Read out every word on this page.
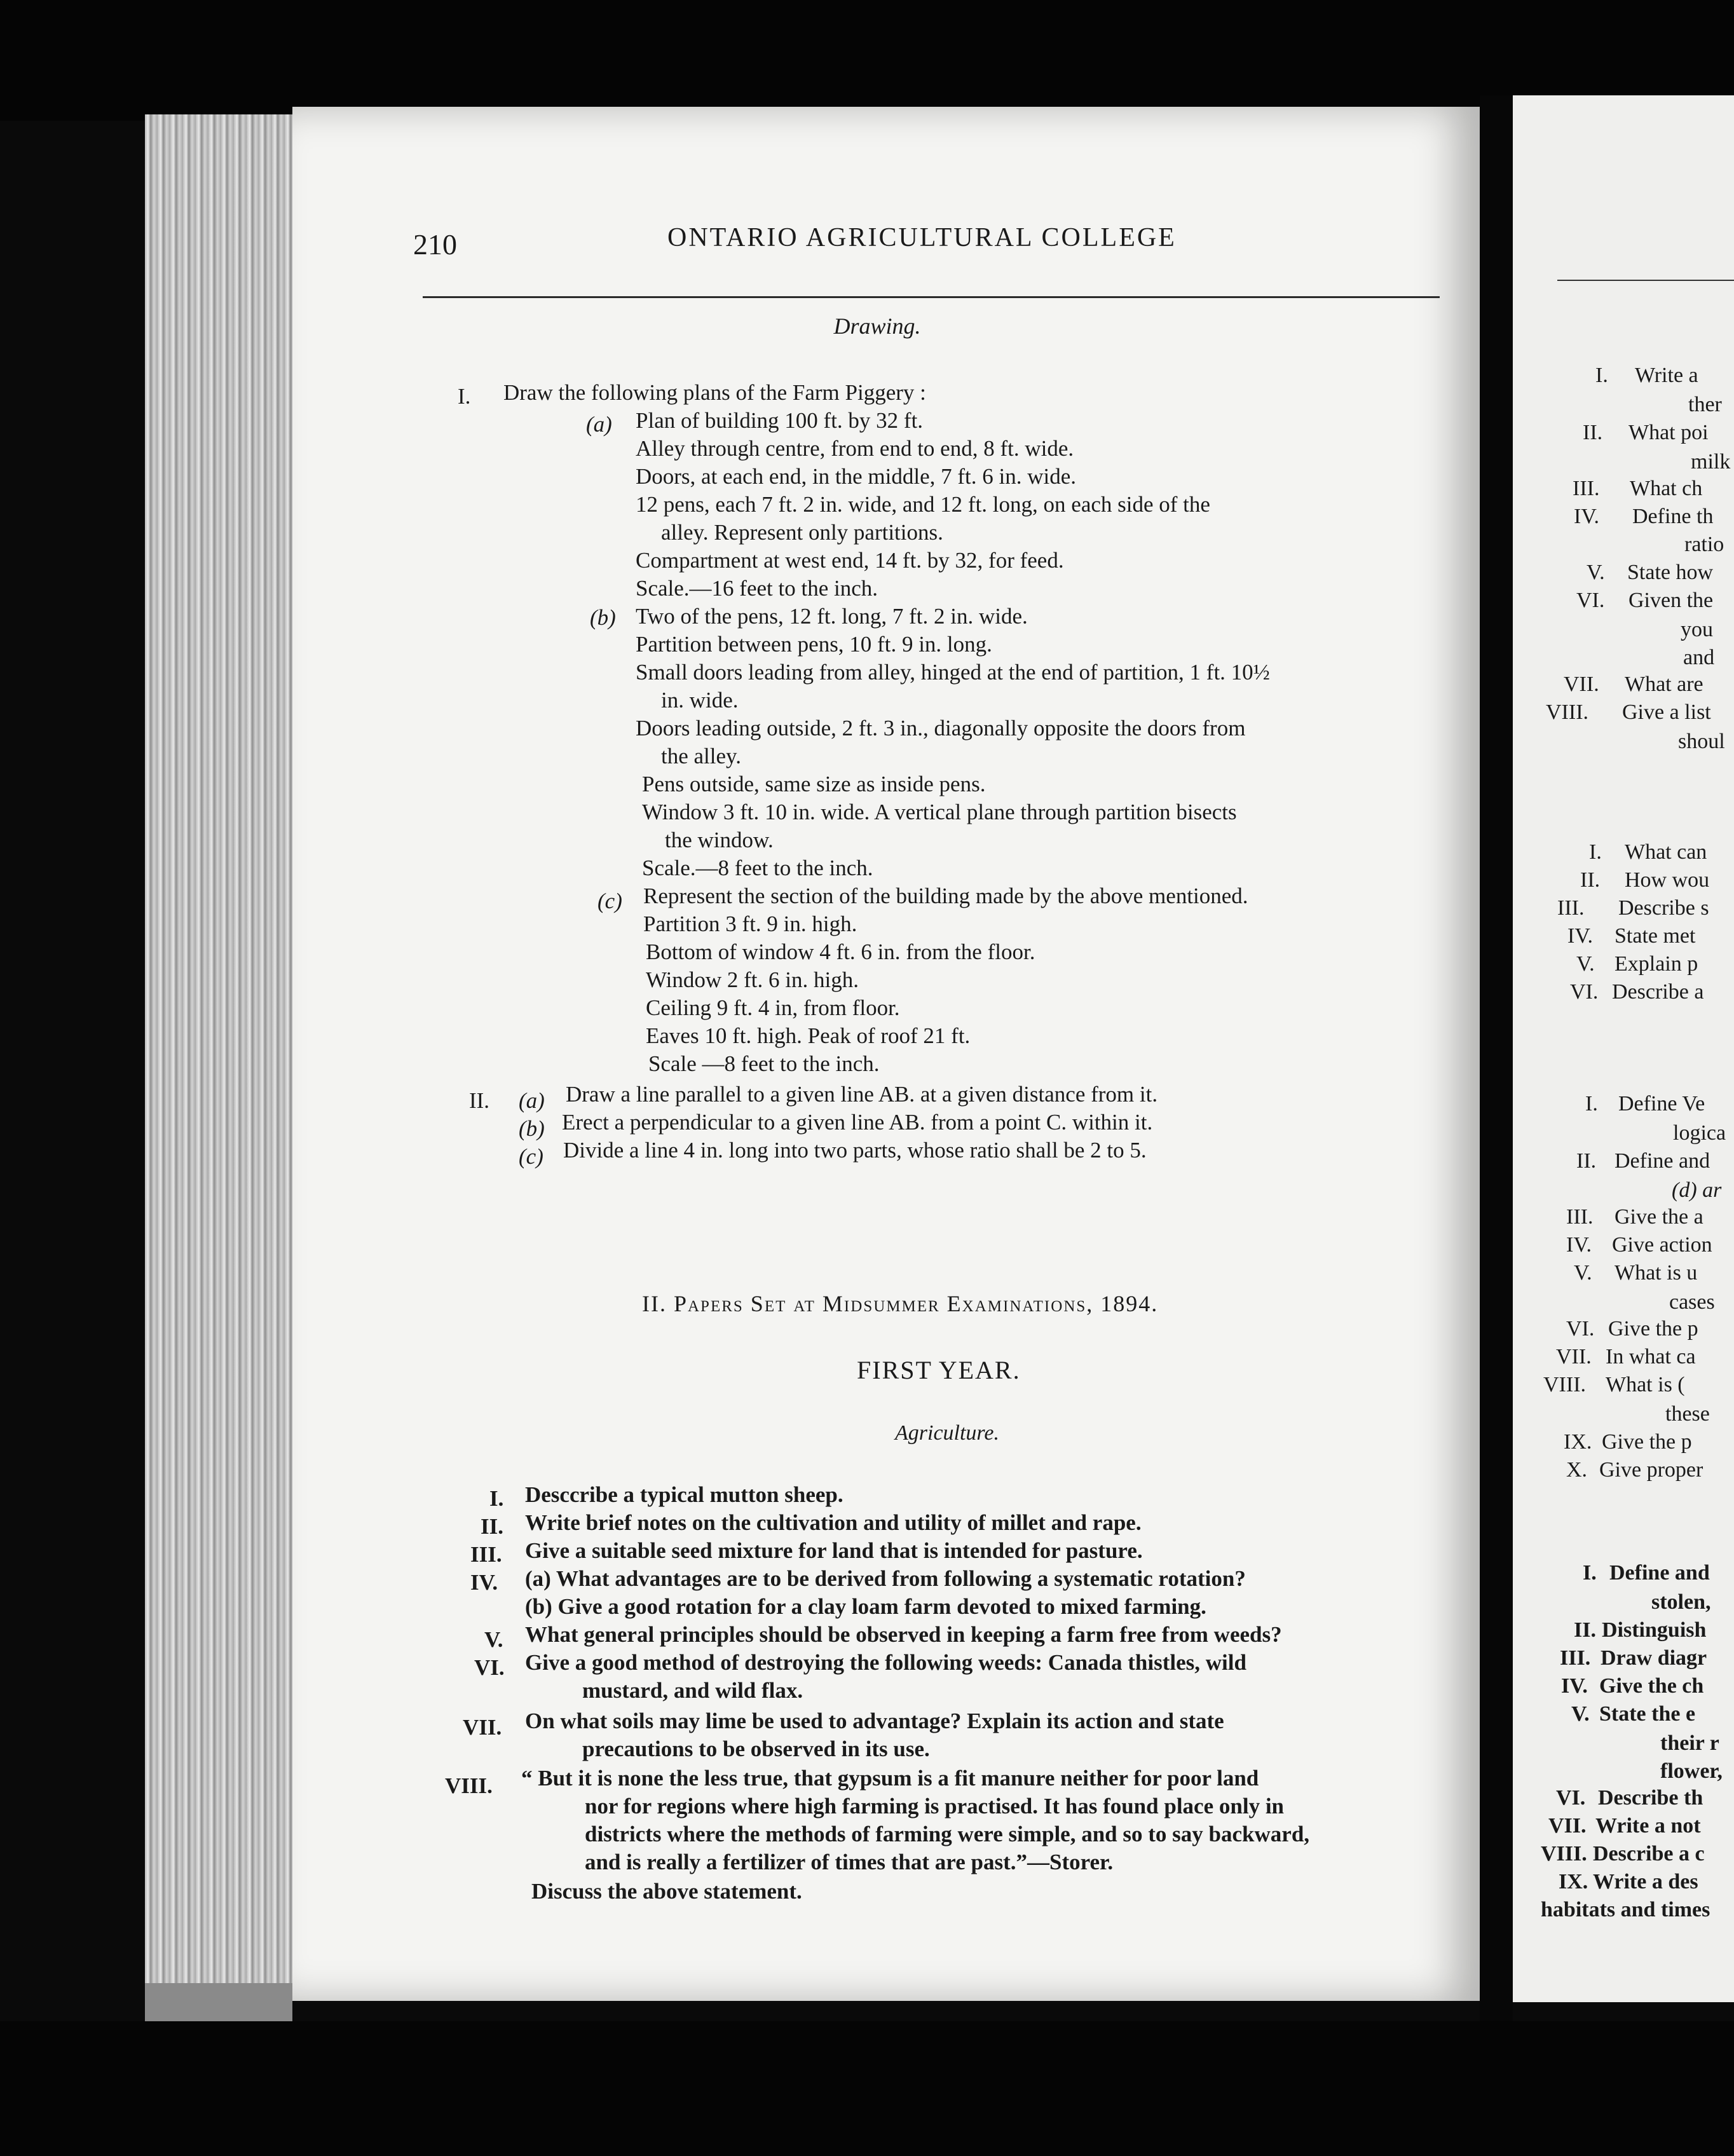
210	ONTARIO AGRICULTURAL COLLEGE
Drawing.
I. Draw the following plans of the Farm Piggery :
(a) Plan of building 100 ft. by 32 ft.
Alley through centre, from end to end, 8 ft. wide.
Doors, at each end, in the middle, 7 ft. 6 in. wide.
12 pens, each 7 ft. 2 in. wide, and 12 ft. long, on each side of the
alley. Represent only partitions.
Compartment at west end, 14 ft. by 32, for feed.
Scale.—16 feet to the inch.
(b) Two of the pens, 12 ft. long, 7 ft. 2 in. wide.
Partition between pens, 10 ft. 9 in. long.
Small doors leading from alley, hinged at the end of partition, 1 ft. 10½
in. wide.
Doors leading outside, 2 ft. 3 in., diagonally opposite the doors from
the alley.
Pens outside, same size as inside pens.
Window 3 ft. 10 in. wide. A vertical plane through partition bisects
the window.
Scale.—8 feet to the inch.
(c) Represent the section of the building made by the above mentioned.
Partition 3 ft. 9 in. high.
Bottom of window 4 ft. 6 in. from the floor.
Window 2 ft. 6 in. high.
Ceiling 9 ft. 4 in, from floor.
Eaves 10 ft. high. Peak of roof 21 ft.
Scale —8 feet to the inch.
II. (a) Draw a line parallel to a given line AB. at a given distance from it.
(b) Erect a perpendicular to a given line AB. from a point C. within it.
(c) Divide a line 4 in. long into two parts, whose ratio shall be 2 to 5.
II. Papers Set at Midsummer Examinations, 1894.
FIRST YEAR.
Agriculture.
I. Desccribe a typical mutton sheep.
II. Write brief notes on the cultivation and utility of millet and rape.
III. Give a suitable seed mixture for land that is intended for pasture.
IV. (a) What advantages are to be derived from following a systematic rotation?
(b) Give a good rotation for a clay loam farm devoted to mixed farming.
V. What general principles should be observed in keeping a farm free from weeds?
VI. Give a good method of destroying the following weeds: Canada thistles, wild
mustard, and wild flax.
VII. On what soils may lime be used to advantage? Explain its action and state
precautions to be observed in its use.
VIII. “ But it is none the less true, that gypsum is a fit manure neither for poor land
nor for regions where high farming is practised. It has found place only in
districts where the methods of farming were simple, and so to say backward,
and is really a fertilizer of times that are past.”—Storer.
Discuss the above statement.
I. Write a
ther
II. What poi
milk
III. What ch
IV. Define th
ratio
V. State how
VI. Given the
you
and
VII. What are
VIII. Give a list
shoul
I. What can
II. How wou
III. Describe s
IV. State met
V. Explain p
VI. Describe a
I. Define Ve
logica
II. Define and
(d) ar
III. Give the a
IV. Give action
V. What is u
cases
VI. Give the p
VII. In what ca
VIII. What is (
these
IX. Give the p
X. Give proper
I. Define and
stolen,
II. Distinguish
III. Draw diagr
IV. Give the ch
V. State the e
their r
flower,
VI. Describe th
VII. Write a not
VIII. Describe a c
IX. Write a des
habitats and times
